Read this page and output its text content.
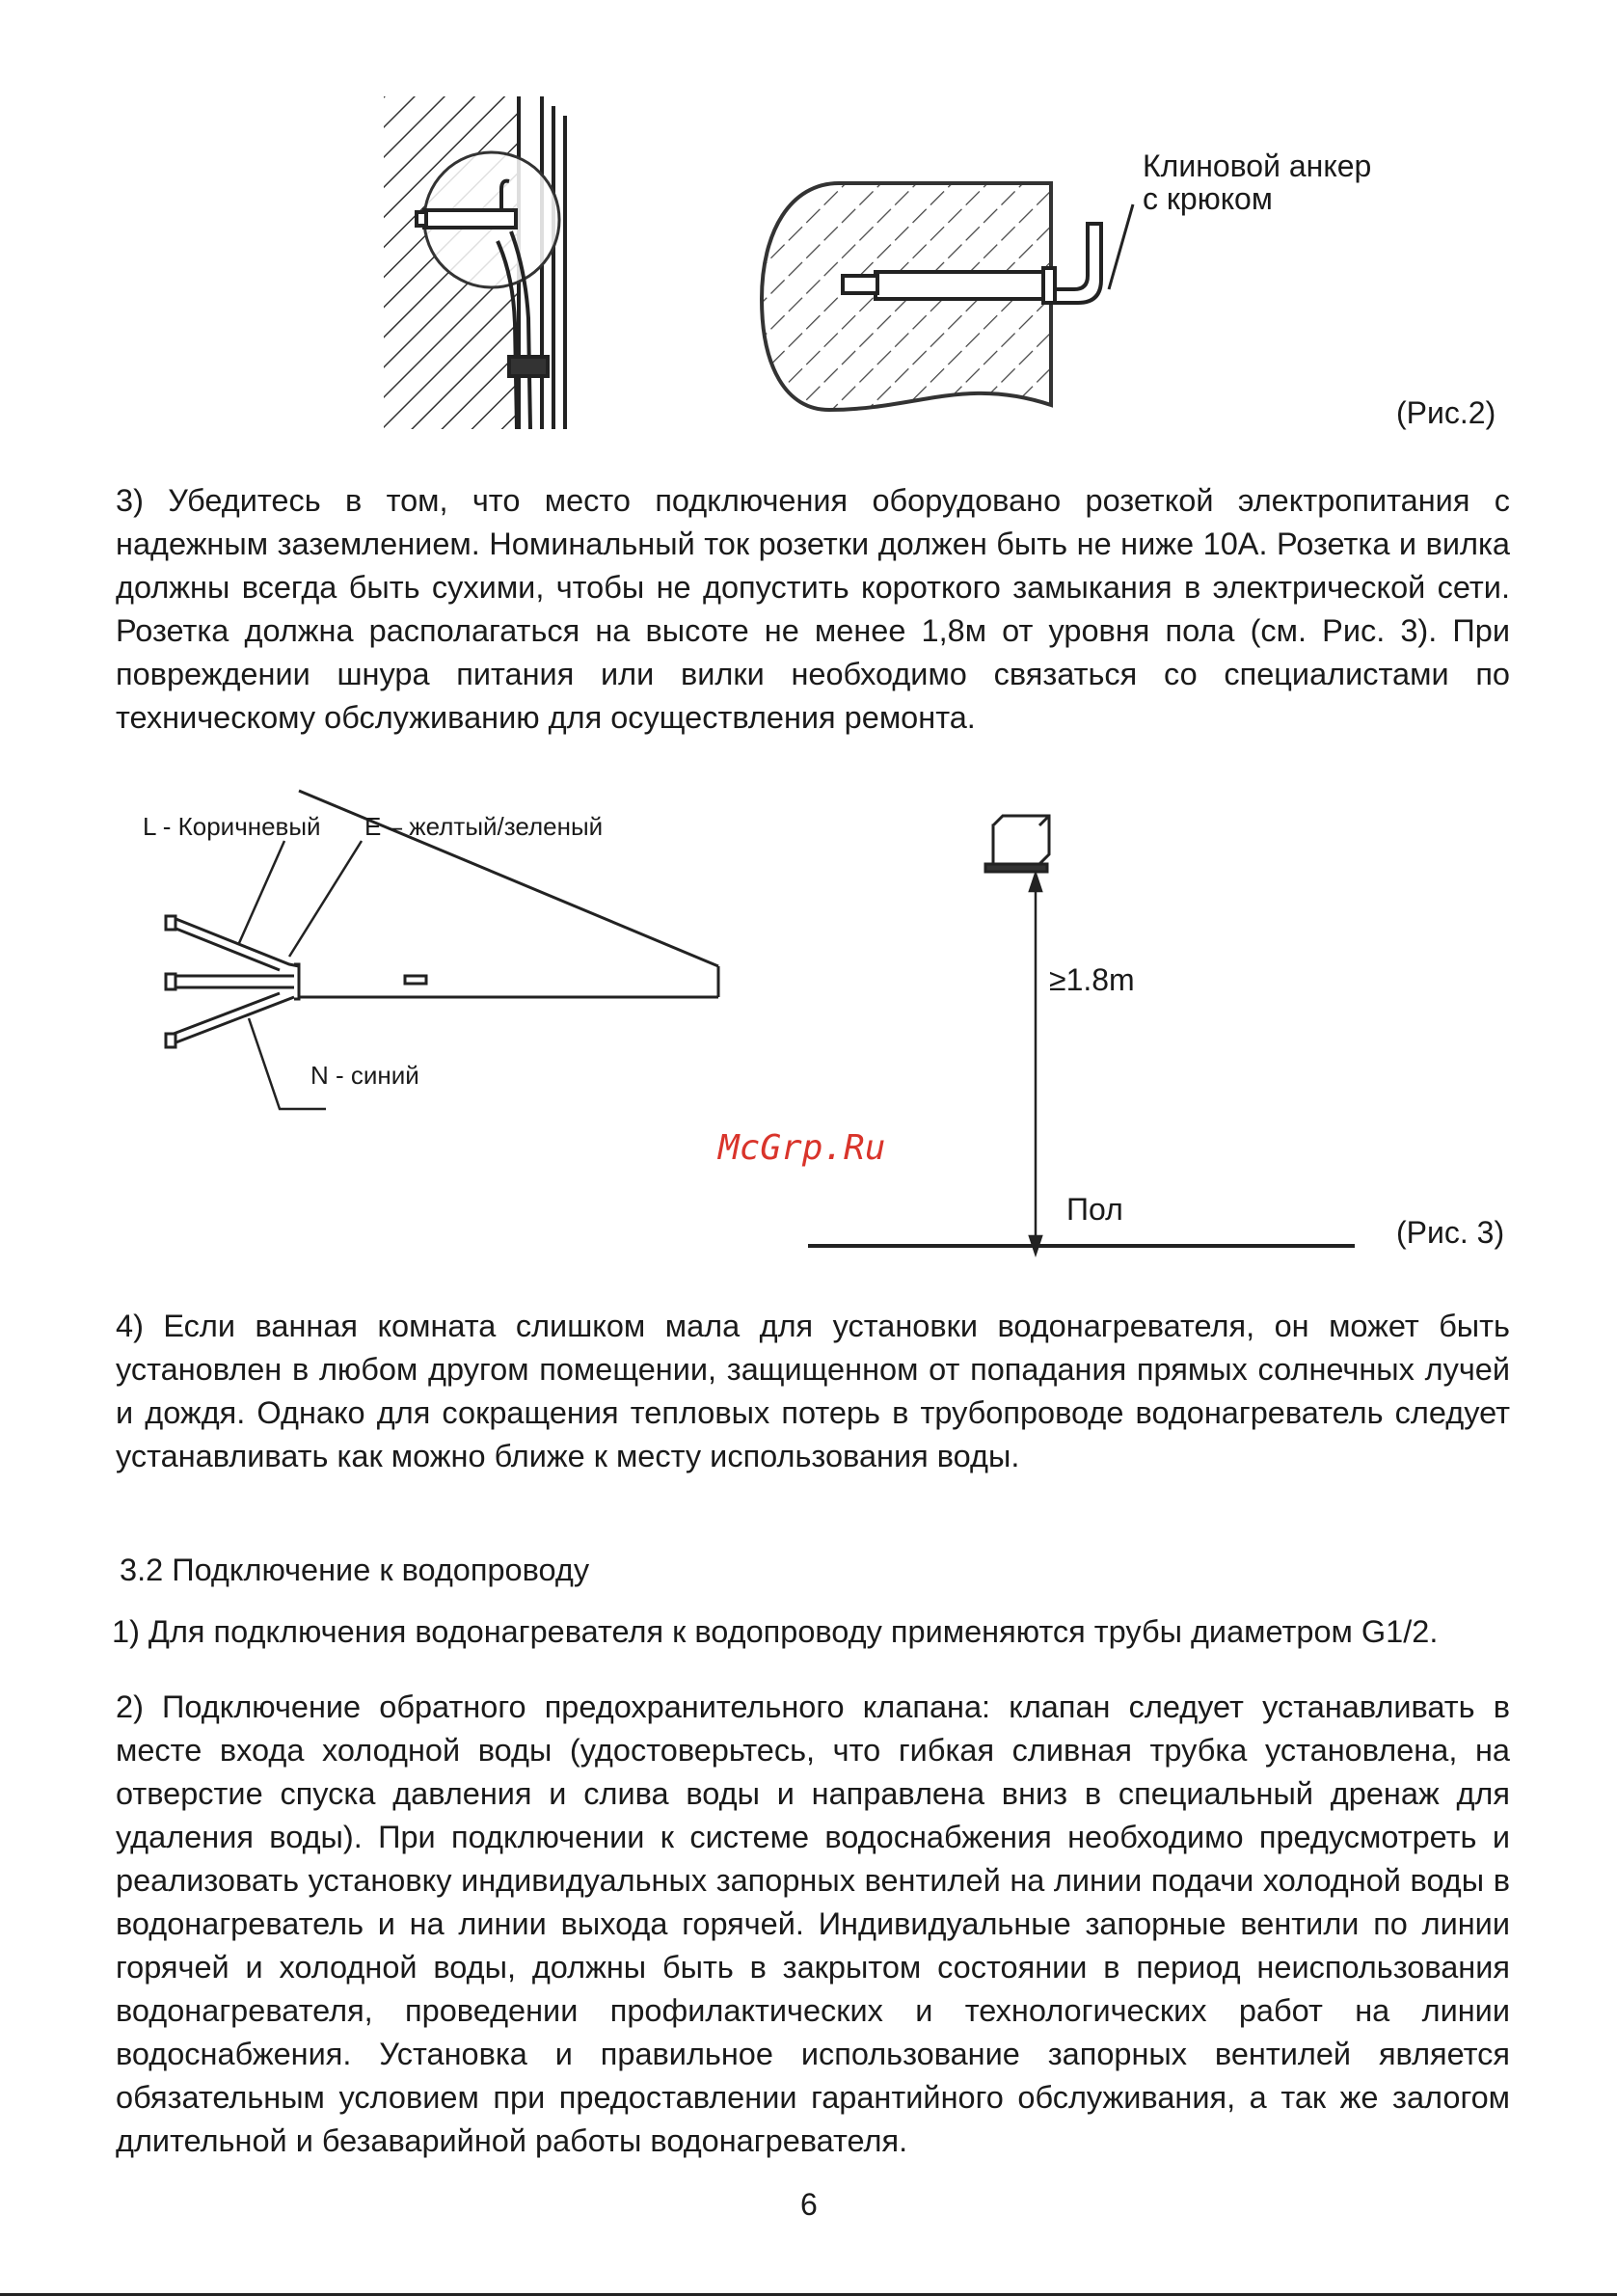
Клиновой анкер
с крюком
(Рис.2)
3) Убедитесь в том, что место подключения оборудовано розеткой электропитания с надежным заземлением. Номинальный ток розетки должен быть не ниже 10А. Розетка и вилка должны всегда быть сухими, чтобы не допустить короткого замыкания в электрической сети. Розетка должна располагаться на высоте не менее 1,8м от уровня пола (см. Рис. 3). При повреждении шнура питания или вилки необходимо связаться со специалистами по техническому обслуживанию для осуществления ремонта.
L - Коричневый E – желтый/зеленый
N - синий
≥1.8m
Пол
(Рис. 3)
McGrp.Ru
4) Если ванная комната слишком мала для установки водонагревателя, он может быть установлен в любом другом помещении, защищенном от попадания прямых солнечных лучей и дождя. Однако для сокращения тепловых потерь в трубопроводе водонагреватель следует устанавливать как можно ближе к месту использования воды.
3.2 Подключение к водопроводу
1) Для подключения водонагревателя к водопроводу применяются трубы диаметром G1/2.
2) Подключение обратного предохранительного клапана: клапан следует устанавливать в месте входа холодной воды (удостоверьтесь, что гибкая сливная трубка установлена, на отверстие спуска давления и слива воды и направлена вниз в специальный дренаж для удаления воды). При подключении к системе водоснабжения необходимо предусмотреть и реализовать установку индивидуальных запорных вентилей на линии подачи холодной воды в водонагреватель и на линии выхода горячей. Индивидуальные запорные вентили по линии горячей и холодной воды, должны быть в закрытом состоянии в период неиспользования водонагревателя, проведении профилактических и технологических работ на линии водоснабжения. Установка и правильное использование запорных вентилей является обязательным условием при предоставлении гарантийного обслуживания, а так же залогом длительной и безаварийной работы водонагревателя.
6
